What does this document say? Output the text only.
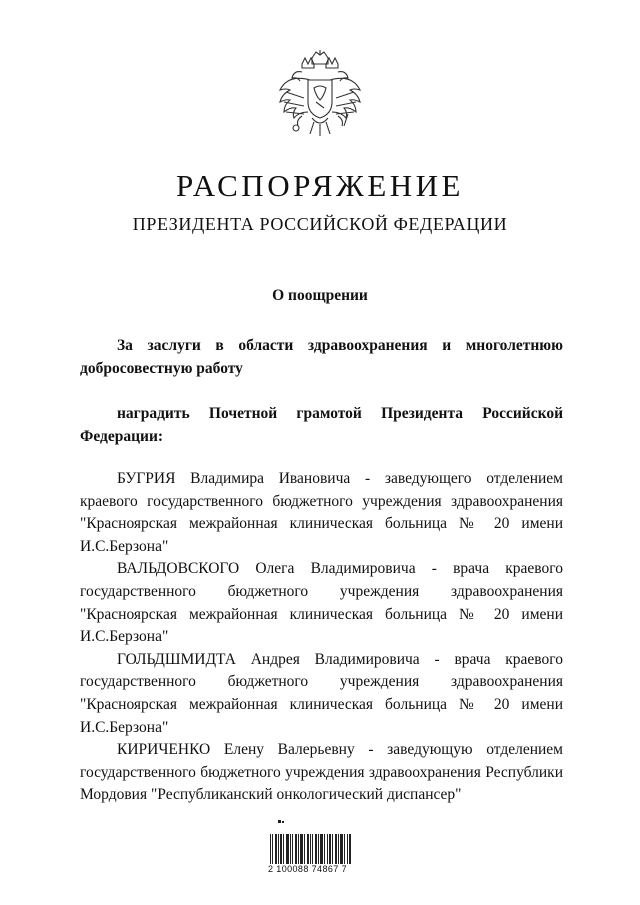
РАСПОРЯЖЕНИЕ
ПРЕЗИДЕНТА РОССИЙСКОЙ ФЕДЕРАЦИИ
О поощрении
За заслуги в области здравоохранения и многолетнюю добросовестную работу
наградить Почетной грамотой Президента Российской Федерации:

БУГРИЯ Владимира Ивановича - заведующего отделением краевого государственного бюджетного учреждения здравоохранения "Красноярская межрайонная клиническая больница № 20 имени И.С.Берзона"

ВАЛЬДОВСКОГО Олега Владимировича - врача краевого государственного бюджетного учреждения здравоохранения "Красноярская межрайонная клиническая больница № 20 имени И.С.Берзона"

ГОЛЬДШМИДТА Андрея Владимировича - врача краевого государственного бюджетного учреждения здравоохранения "Красноярская межрайонная клиническая больница № 20 имени И.С.Берзона"

КИРИЧЕНКО Елену Валерьевну - заведующую отделением государственного бюджетного учреждения здравоохранения Республики Мордовия "Республиканский онкологический диспансер"

2 100088 74867 7
